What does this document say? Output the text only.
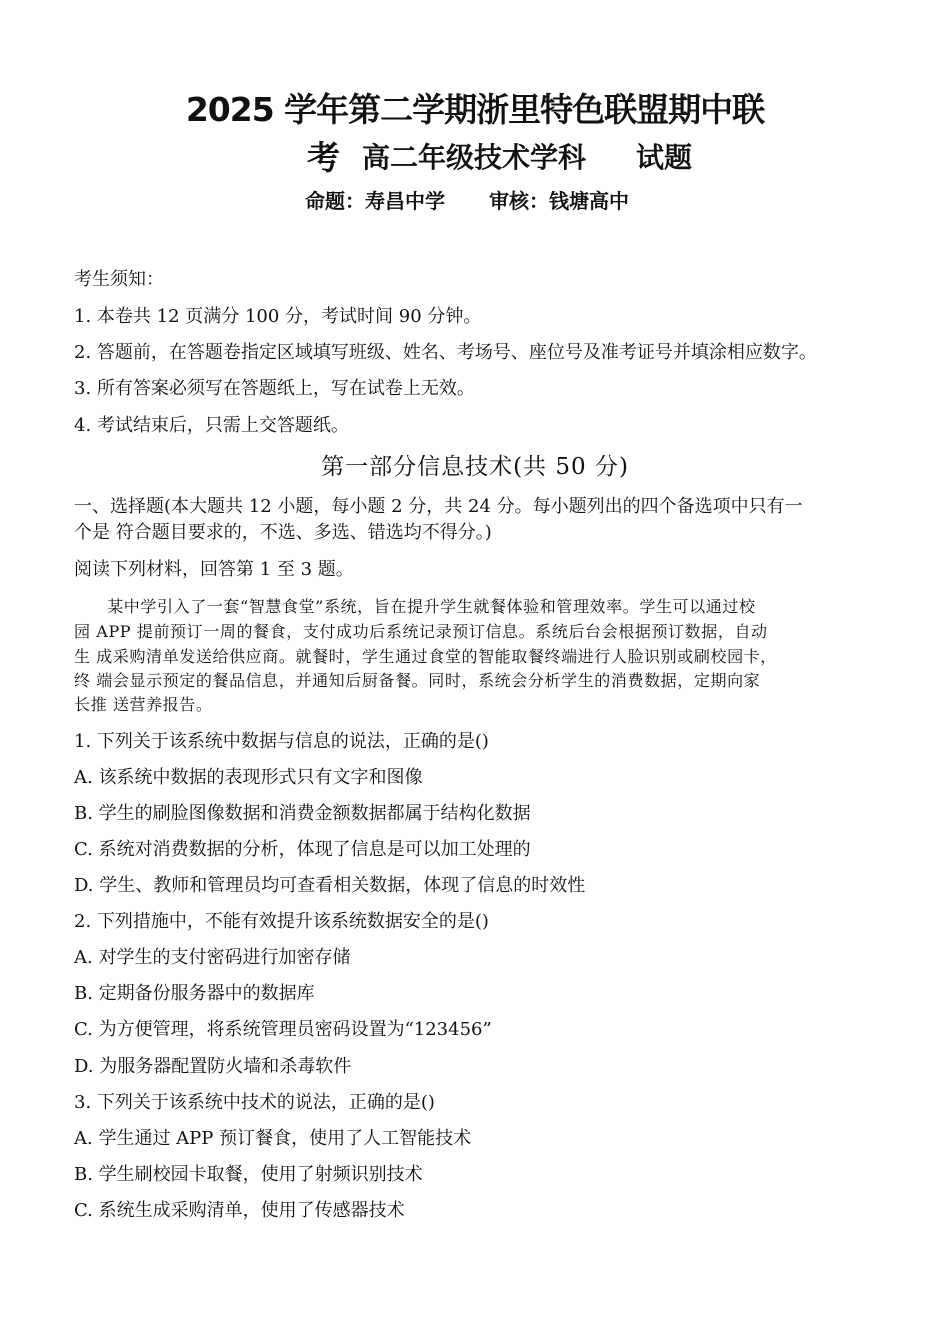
2025 学年第二学期浙里特色联盟期中联
考 高二年级技术学科 试题
命题：寿昌中学 审核：钱塘高中
考生须知：
1. 本卷共 12 页满分 100 分，考试时间 90 分钟。
2. 答题前，在答题卷指定区域填写班级、姓名、考场号、座位号及准考证号并填涂相应数字。
3. 所有答案必须写在答题纸上，写在试卷上无效。
4. 考试结束后，只需上交答题纸。
第一部分信息技术(共 50 分)
一、选择题(本大题共 12 小题，每小题 2 分，共 24 分。每小题列出的四个备选项中只有一
个是 符合题目要求的，不选、多选、错选均不得分。)
阅读下列材料，回答第 1 至 3 题。
　　某中学引入了一套“智慧食堂”系统，旨在提升学生就餐体验和管理效率。学生可以通过校
园 APP 提前预订一周的餐食，支付成功后系统记录预订信息。系统后台会根据预订数据，自动
生 成采购清单发送给供应商。就餐时，学生通过食堂的智能取餐终端进行人脸识别或刷校园卡，
终 端会显示预定的餐品信息，并通知后厨备餐。同时，系统会分析学生的消费数据，定期向家
长推 送营养报告。
1. 下列关于该系统中数据与信息的说法，正确的是()
A. 该系统中数据的表现形式只有文字和图像
B. 学生的刷脸图像数据和消费金额数据都属于结构化数据
C. 系统对消费数据的分析，体现了信息是可以加工处理的
D. 学生、教师和管理员均可查看相关数据，体现了信息的时效性
2. 下列措施中，不能有效提升该系统数据安全的是()
A. 对学生的支付密码进行加密存储
B. 定期备份服务器中的数据库
C. 为方便管理，将系统管理员密码设置为“123456”
D. 为服务器配置防火墙和杀毒软件
3. 下列关于该系统中技术的说法，正确的是()
A. 学生通过 APP 预订餐食，使用了人工智能技术
B. 学生刷校园卡取餐，使用了射频识别技术
C. 系统生成采购清单，使用了传感器技术
